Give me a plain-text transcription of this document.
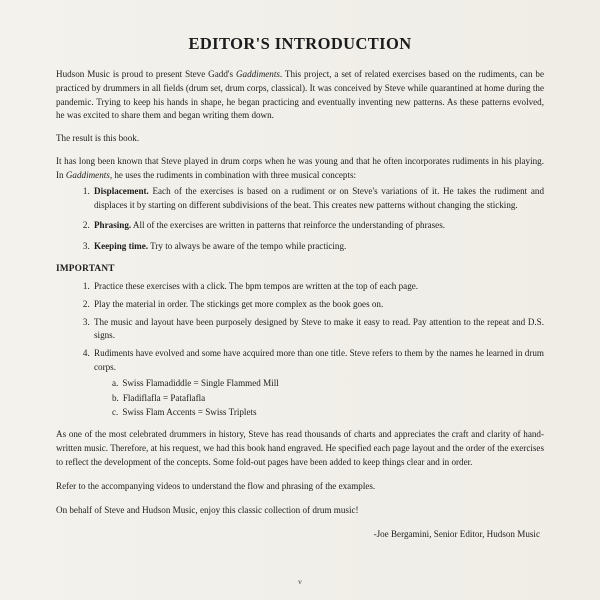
EDITOR'S INTRODUCTION

Hudson Music is proud to present Steve Gadd's Gaddiments. This project, a set of related exercises based on the rudiments, can be practiced by drummers in all fields (drum set, drum corps, classical). It was conceived by Steve while quarantined at home during the pandemic. Trying to keep his hands in shape, he began practicing and eventually inventing new patterns. As these patterns evolved, he was excited to share them and began writing them down.

The result is this book.

It has long been known that Steve played in drum corps when he was young and that he often incorporates rudiments in his playing. In Gaddiments, he uses the rudiments in combination with three musical concepts:

1. Displacement. Each of the exercises is based on a rudiment or on Steve's variations of it. He takes the rudiment and displaces it by starting on different subdivisions of the beat. This creates new patterns without changing the sticking.
2. Phrasing. All of the exercises are written in patterns that reinforce the understanding of phrases.
3. Keeping time. Try to always be aware of the tempo while practicing.
IMPORTANT
1. Practice these exercises with a click. The bpm tempos are written at the top of each page.
2. Play the material in order. The stickings get more complex as the book goes on.
3. The music and layout have been purposely designed by Steve to make it easy to read. Pay attention to the repeat and D.S. signs.
4. Rudiments have evolved and some have acquired more than one title. Steve refers to them by the names he learned in drum corps.
a. Swiss Flamadiddle = Single Flammed Mill
b. Fladiflafla = Pataflafla
c. Swiss Flam Accents = Swiss Triplets

As one of the most celebrated drummers in history, Steve has read thousands of charts and appreciates the craft and clarity of hand-written music. Therefore, at his request, we had this book hand engraved. He specified each page layout and the order of the exercises to reflect the development of the concepts. Some fold-out pages have been added to keep things clear and in order.

Refer to the accompanying videos to understand the flow and phrasing of the examples.

On behalf of Steve and Hudson Music, enjoy this classic collection of drum music!

-Joe Bergamini, Senior Editor, Hudson Music
v
